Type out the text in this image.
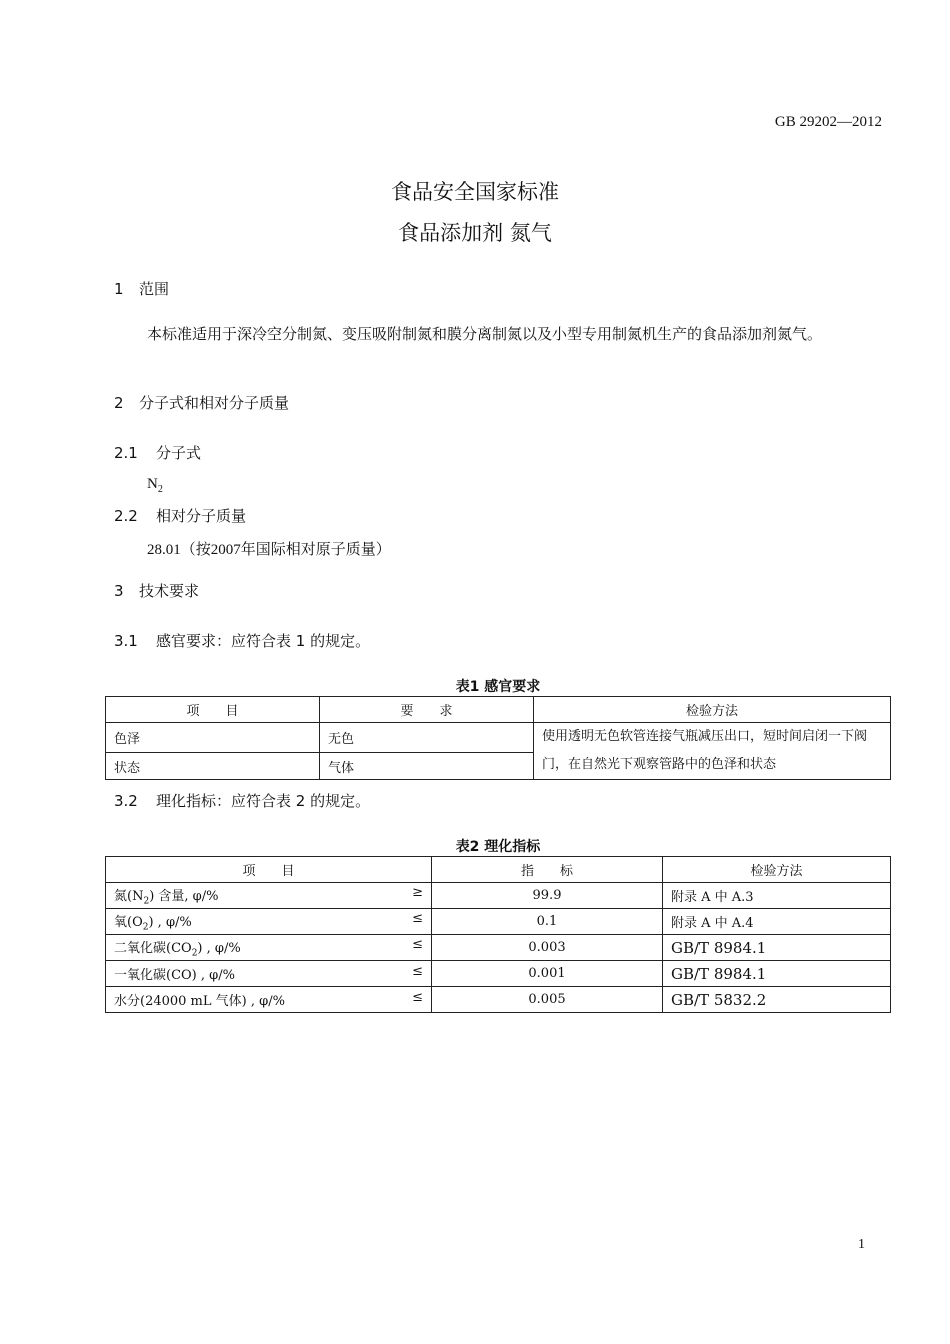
GB 29202—2012
食品安全国家标准
食品添加剂 氮气
1 范围
本标准适用于深冷空分制氮、变压吸附制氮和膜分离制氮以及小型专用制氮机生产的食品添加剂氮气。
2 分子式和相对分子质量
2.1 分子式
$N_2$
2.2 相对分子质量
28.01（按2007年国际相对原子质量）
3 技术要求
3.1 感官要求：应符合表 1 的规定。
表1 感官要求
项　　目	要　　求	检验方法
色泽	无色	使用透明无色软管连接气瓶减压出口，短时间启闭一下阀门，在自然光下观察管路中的色泽和状态
状态	气体	
3.2 理化指标：应符合表 2 的规定。
表2 理化指标
项　　目	指　　标	检验方法

氮$(N_2)$ 含量, φ/% ≥	99.9	附录 A 中 A.3

氧$(O_2)$ , φ/% ≤	0.1	附录 A 中 A.4

二氧化碳$(CO_2)$ , φ/% ≤	0.003	GB/T 8984.1

一氧化碳(CO) , φ/% ≤	0.001	GB/T 8984.1

水分(24000 mL 气体) , φ/% ≤	0.005	GB/T 5832.2
1
